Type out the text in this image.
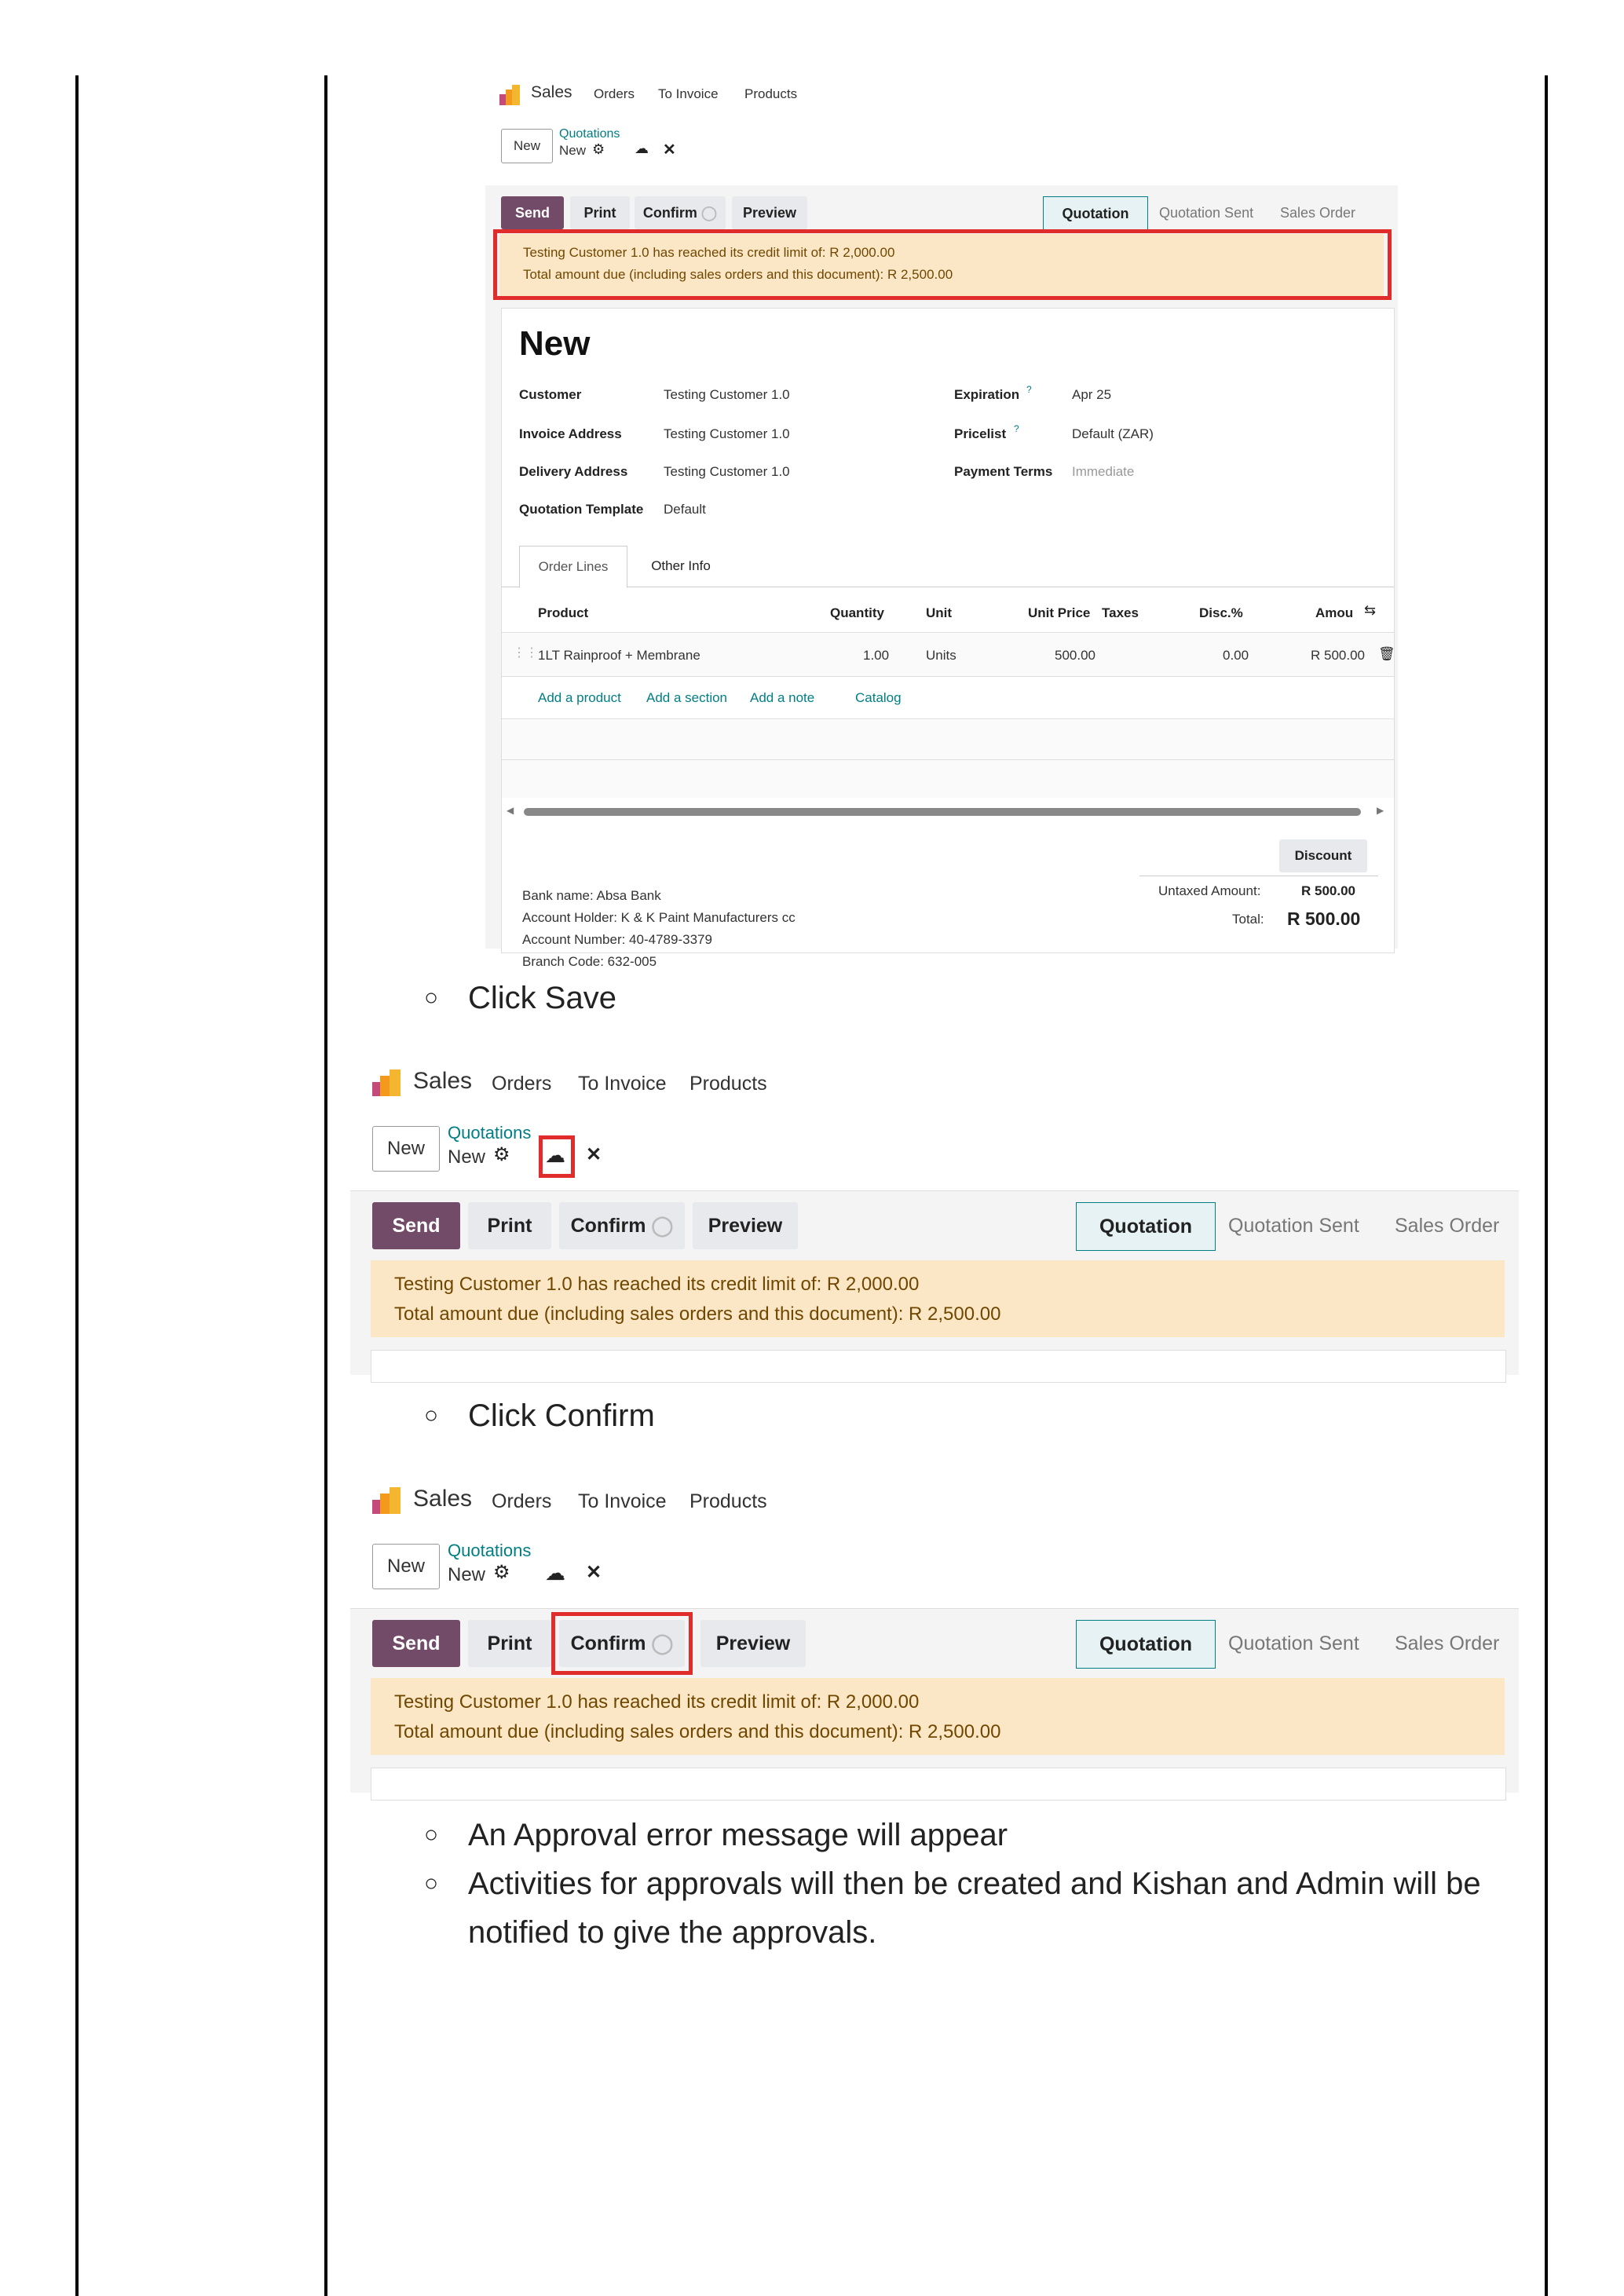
Sales Orders To Invoice Products
New
Quotations
New ⚙ ☁ ✕
Send	Print	Confirm ◯	Preview	Quotation	Quotation Sent Sales Order
Testing Customer 1.0 has reached its credit limit of: R 2,000.00
Total amount due (including sales orders and this document): R 2,500.00
New
Customer	Testing Customer 1.0
Invoice Address	Testing Customer 1.0
Delivery Address	Testing Customer 1.0
Quotation Template Default
Expiration ?	Apr 25
Pricelist ?	Default (ZAR)
Payment Terms Immediate
Order Lines	Other Info
Product	Quantity	Unit	Unit Price Taxes	Disc.%	Amou ⇆
⋮⋮ 1LT Rainproof + Membrane	1.00	Units	500.00	0.00	R 500.00 🗑
Add a product Add a section Add a note	Catalog
◀	▶
Discount
Bank name: Absa Bank
Account Holder: K & K Paint Manufacturers cc
Account Number: 40-4789-3379
Branch Code: 632-005
Untaxed Amount:	R 500.00
Total: R 500.00
○ Click Save
Sales Orders To Invoice Products
New
Quotations
New ⚙ ☁ ✕
Send	Print	Confirm ◯	Preview	Quotation	Quotation Sent Sales Order
Testing Customer 1.0 has reached its credit limit of: R 2,000.00
Total amount due (including sales orders and this document): R 2,500.00
○ Click Confirm
Sales Orders To Invoice Products
New
Quotations
New ⚙ ☁ ✕
Send	Print	Confirm ◯	Preview	Quotation	Quotation Sent Sales Order
Testing Customer 1.0 has reached its credit limit of: R 2,000.00
Total amount due (including sales orders and this document): R 2,500.00
○ An Approval error message will appear
○ Activities for approvals will then be created and Kishan and Admin will be notified to give the approvals.
